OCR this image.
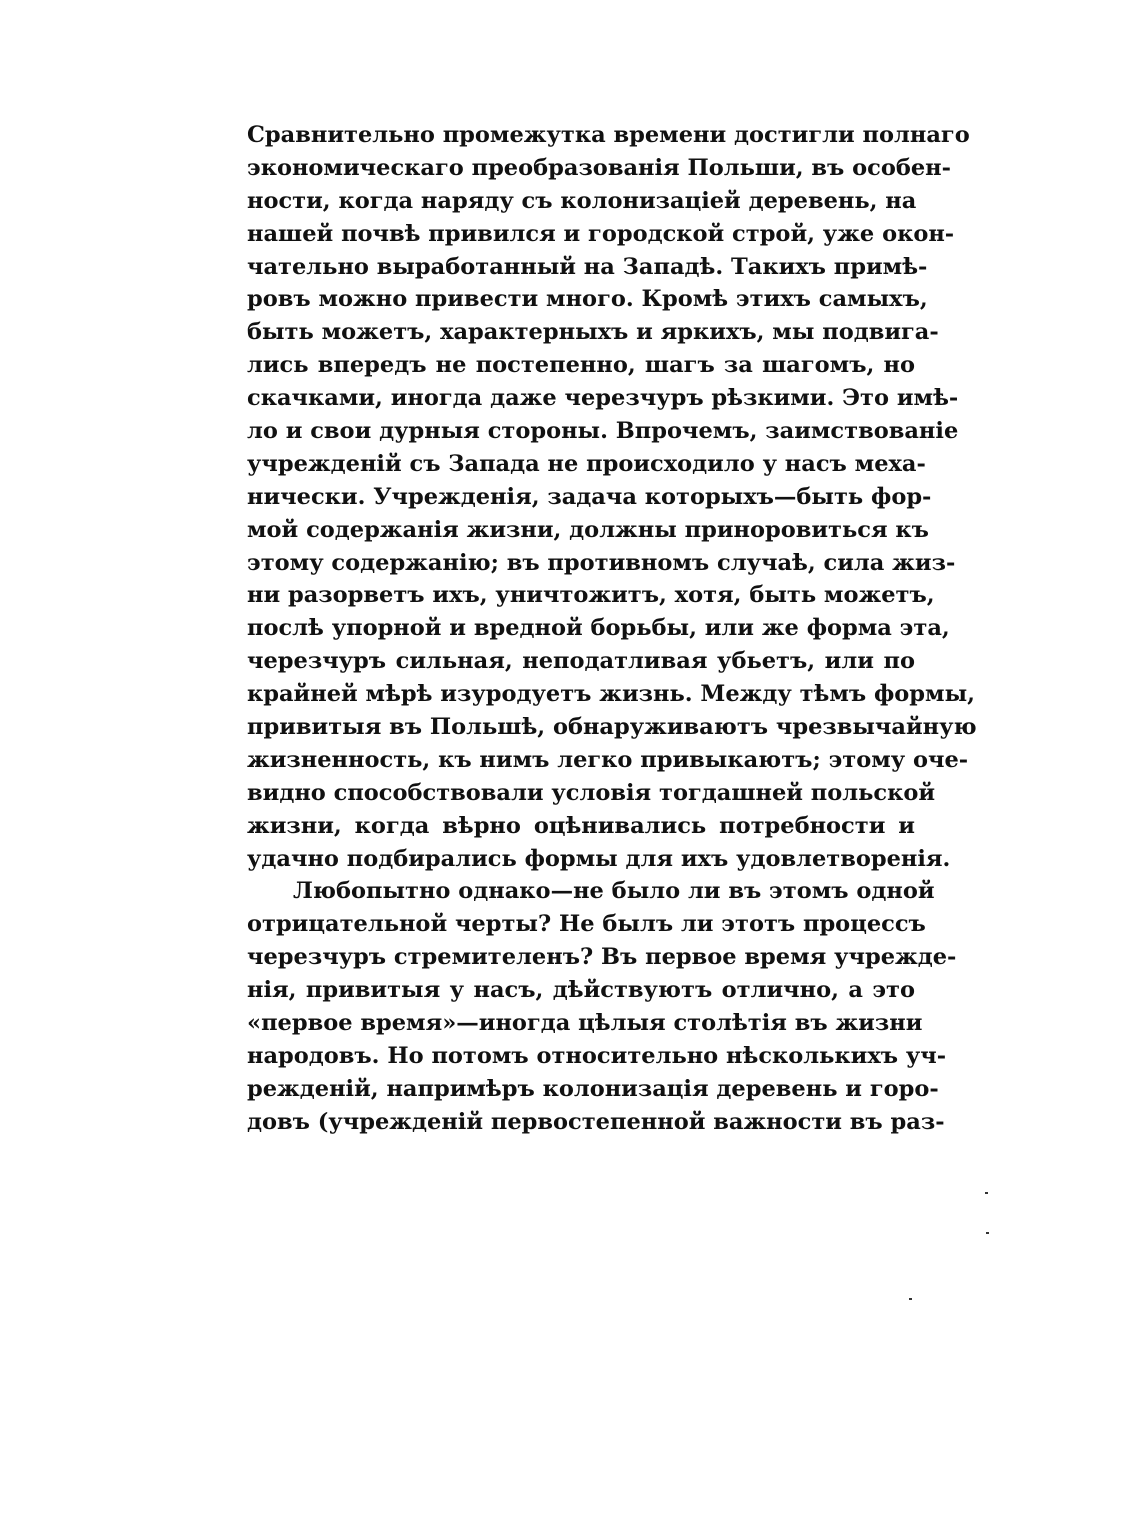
Сравнительно промежутка времени достигли полнаго
экономическаго преобразованія Польши, въ особен-
ности, когда наряду съ колонизаціей деревень, на
нашей почвѣ привился и городской строй, уже окон-
чательно выработанный на Западѣ. Такихъ примѣ-
ровъ можно привести много. Кромѣ этихъ самыхъ,
быть можетъ, характерныхъ и яркихъ, мы подвига-
лись впередъ не постепенно, шагъ за шагомъ, но
скачками, иногда даже черезчуръ рѣзкими. Это имѣ-
ло и свои дурныя стороны. Впрочемъ, заимствованіе
учрежденій съ Запада не происходило у насъ меха-
нически. Учрежденія, задача которыхъ—быть фор-
мой содержанія жизни, должны приноровиться къ
этому содержанію; въ противномъ случаѣ, сила жиз-
ни разорветъ ихъ, уничтожитъ, хотя, быть можетъ,
послѣ упорной и вредной борьбы, или же форма эта,
черезчуръ сильная, неподатливая убьетъ, или по
крайней мѣрѣ изуродуетъ жизнь. Между тѣмъ формы,
привитыя въ Польшѣ, обнаруживаютъ чрезвычайную
жизненность, къ нимъ легко привыкаютъ; этому оче-
видно способствовали условія тогдашней польской
жизни, когда вѣрно оцѣнивались потребности и
удачно подбирались формы для ихъ удовлетворенія.
Любопытно однако—не было ли въ этомъ одной
отрицательной черты? Не былъ ли этотъ процессъ
черезчуръ стремителенъ? Въ первое время учрежде-
нія, привитыя у насъ, дѣйствуютъ отлично, а это
«первое время»—иногда цѣлыя столѣтія въ жизни
народовъ. Но потомъ относительно нѣсколькихъ уч-
режденій, напримѣръ колонизація деревень и горо-
довъ (учрежденій первостепенной важности въ раз-
